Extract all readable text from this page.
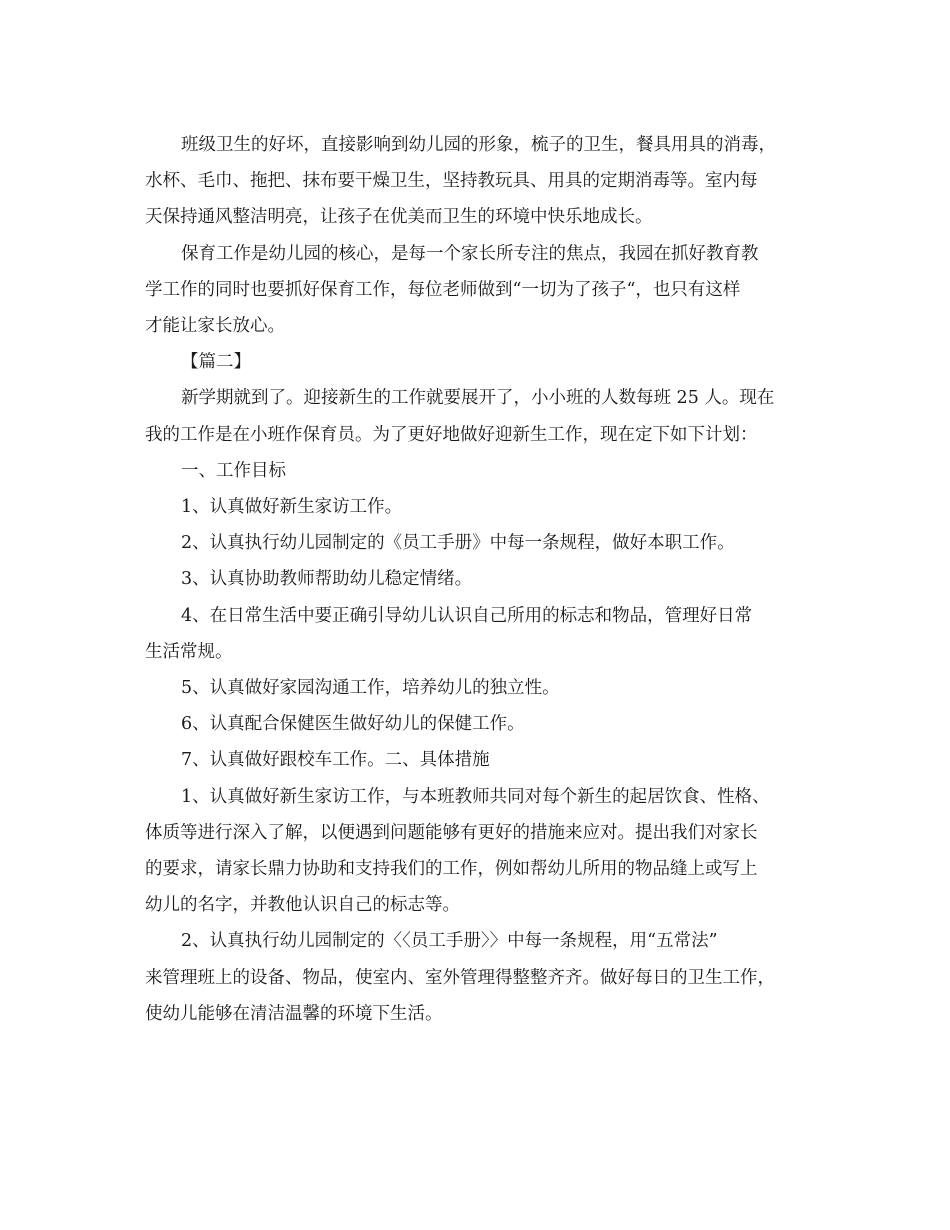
班级卫生的好坏，直接影响到幼儿园的形象，梳子的卫生，餐具用具的消毒，
水杯、毛巾、拖把、抹布要干燥卫生，坚持教玩具、用具的定期消毒等。室内每
天保持通风整洁明亮，让孩子在优美而卫生的环境中快乐地成长。
保育工作是幼儿园的核心，是每一个家长所专注的焦点，我园在抓好教育教
学工作的同时也要抓好保育工作，每位老师做到“一切为了孩子“，也只有这样
才能让家长放心。
【篇二】
新学期就到了。迎接新生的工作就要展开了，小小班的人数每班 25 人。现在
我的工作是在小班作保育员。为了更好地做好迎新生工作，现在定下如下计划：
一、工作目标
1、认真做好新生家访工作。
2、认真执行幼儿园制定的《员工手册》中每一条规程，做好本职工作。
3、认真协助教师帮助幼儿稳定情绪。
4、在日常生活中要正确引导幼儿认识自己所用的标志和物品，管理好日常
生活常规。
5、认真做好家园沟通工作，培养幼儿的独立性。
6、认真配合保健医生做好幼儿的保健工作。
7、认真做好跟校车工作。二、具体措施
1、认真做好新生家访工作，与本班教师共同对每个新生的起居饮食、性格、
体质等进行深入了解，以便遇到问题能够有更好的措施来应对。提出我们对家长
的要求，请家长鼎力协助和支持我们的工作，例如帮幼儿所用的物品缝上或写上
幼儿的名字，并教他认识自己的标志等。
2、认真执行幼儿园制定的〈〈员工手册〉〉中每一条规程，用“五常法”
来管理班上的设备、物品，使室内、室外管理得整整齐齐。做好每日的卫生工作，
使幼儿能够在清洁温馨的环境下生活。
